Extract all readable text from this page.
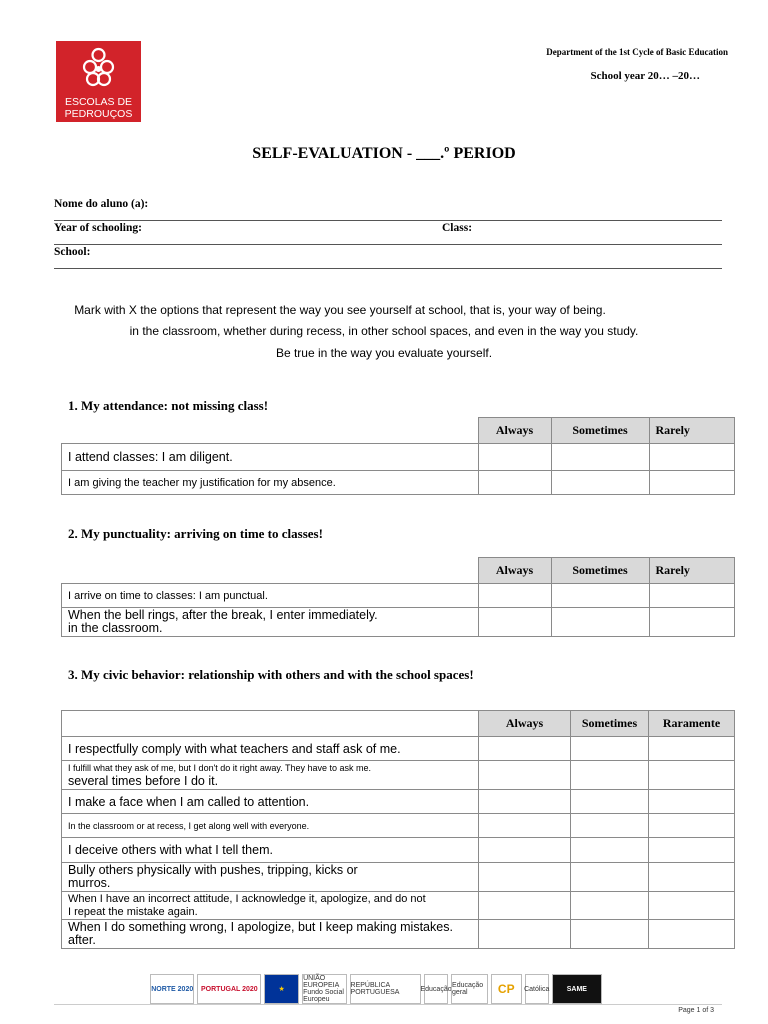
ESCOLAS DE
PEDROUÇOS
Department of the 1st Cycle of Basic Education
School year 20… –20…
SELF-EVALUATION - ___.º PERIOD
Nome do aluno (a):
Year of schooling:	Class:
School:
Mark with X the options that represent the way you see yourself at school, that is, your way of being.
in the classroom, whether during recess, in other school spaces, and even in the way you study.
Be true in the way you evaluate yourself.
1. My attendance: not missing class!
	Always	Sometimes	Rarely
I attend classes: I am diligent.			
I am giving the teacher my justification for my absence.			
2. My punctuality: arriving on time to classes!
	Always	Sometimes	Rarely
I arrive on time to classes: I am punctual.			

When the bell rings, after the break, I enter immediately.
in the classroom.			

3. My civic behavior: relationship with others and with the school spaces!
	Always	Sometimes	Raramente
I respectfully comply with what teachers and staff ask of me.			

I fulfill what they ask of me, but I don't do it right away. They have to ask me.
several times before I do it.			

I make a face when I am called to attention.			
In the classroom or at recess, I get along well with everyone.			
I deceive others with what I tell them.			

Bully others physically with pushes, tripping, kicks or
murros.			

When I have an incorrect attitude, I acknowledge it, apologize, and do not
I repeat the mistake again.			

When I do something wrong, I apologize, but I keep making mistakes.
after.			

NORTE 2020	PORTUGAL 2020	★
UNIÃO EUROPEIA
Fundo Social Europeu
REPÚBLICA PORTUGUESA	Educação Educação geral	CP	Católica	SAME
Page 1 of 3
